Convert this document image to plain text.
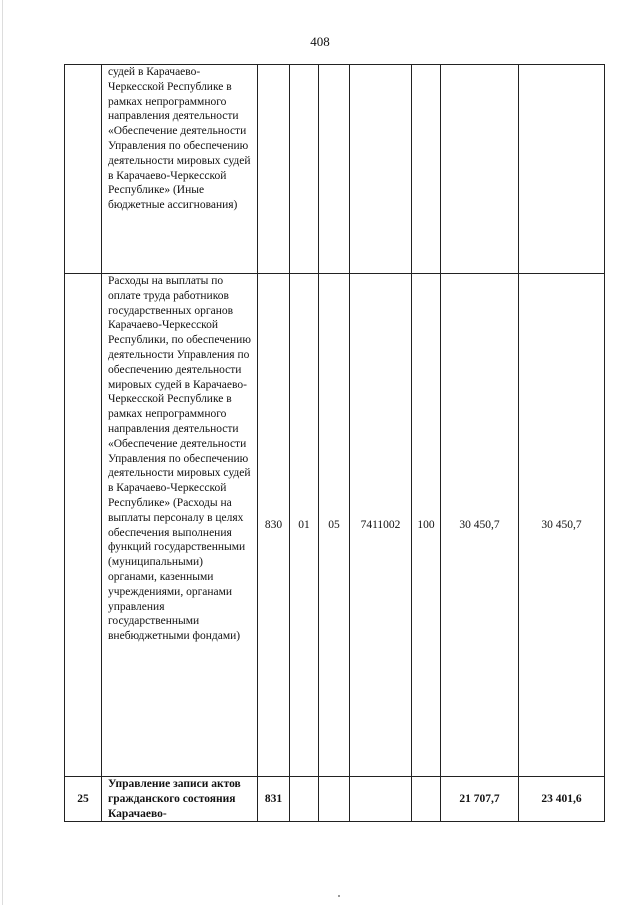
408
	судей в Карачаево-Черкесской Республике в рамках непрограммного направления деятельности «Обеспечение деятельности Управления по обеспечению деятельности мировых судей в Карачаево-Черкесской Республике» (Иные бюджетные ассигнования)							
	Расходы на выплаты по оплате труда работников государственных органов Карачаево-Черкесской Республики, по обеспечению деятельности Управления по обеспечению деятельности мировых судей в Карачаево-Черкесской Республике в рамках непрограммного направления деятельности «Обеспечение деятельности Управления по обеспечению деятельности мировых судей в Карачаево-Черкесской Республике» (Расходы на выплаты персоналу в целях обеспечения выполнения функций государственными (муниципальными) органами, казенными учреждениями, органами управления государственными внебюджетными фондами)	830	01	05	7411002	100	30 450,7	30 450,7
25	Управление записи актов гражданского состояния Карачаево-	831					21 707,7	23 401,6
